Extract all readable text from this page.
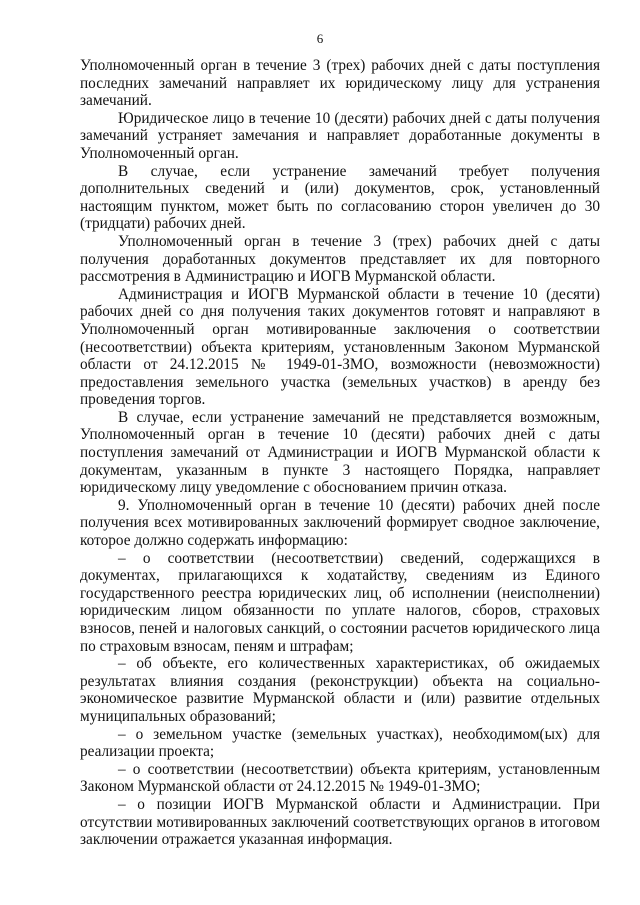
6

Уполномоченный орган в течение 3 (трех) рабочих дней с даты поступления последних замечаний направляет их юридическому лицу для устранения замечаний.

Юридическое лицо в течение 10 (десяти) рабочих дней с даты получения замечаний устраняет замечания и направляет доработанные документы в Уполномоченный орган.

В случае, если устранение замечаний требует получения дополнительных сведений и (или) документов, срок, установленный настоящим пунктом, может быть по согласованию сторон увеличен до 30 (тридцати) рабочих дней.

Уполномоченный орган в течение 3 (трех) рабочих дней с даты получения доработанных документов представляет их для повторного рассмотрения в Администрацию и ИОГВ Мурманской области.

Администрация и ИОГВ Мурманской области в течение 10 (десяти) рабочих дней со дня получения таких документов готовят и направляют в Уполномоченный орган мотивированные заключения о соответствии (несоответствии) объекта критериям, установленным Законом Мурманской области от 24.12.2015 № 1949-01-ЗМО, возможности (невозможности) предоставления земельного участка (земельных участков) в аренду без проведения торгов.

В случае, если устранение замечаний не представляется возможным, Уполномоченный орган в течение 10 (десяти) рабочих дней с даты поступления замечаний от Администрации и ИОГВ Мурманской области к документам, указанным в пункте 3 настоящего Порядка, направляет юридическому лицу уведомление с обоснованием причин отказа.

9. Уполномоченный орган в течение 10 (десяти) рабочих дней после получения всех мотивированных заключений формирует сводное заключение, которое должно содержать информацию:

– о соответствии (несоответствии) сведений, содержащихся в документах, прилагающихся к ходатайству, сведениям из Единого государственного реестра юридических лиц, об исполнении (неисполнении) юридическим лицом обязанности по уплате налогов, сборов, страховых взносов, пеней и налоговых санкций, о состоянии расчетов юридического лица по страховым взносам, пеням и штрафам;

– об объекте, его количественных характеристиках, об ожидаемых результатах влияния создания (реконструкции) объекта на социально-экономическое развитие Мурманской области и (или) развитие отдельных муниципальных образований;

– о земельном участке (земельных участках), необходимом(ых) для реализации проекта;

– о соответствии (несоответствии) объекта критериям, установленным Законом Мурманской области от 24.12.2015 № 1949-01-ЗМО;

– о позиции ИОГВ Мурманской области и Администрации. При отсутствии мотивированных заключений соответствующих органов в итоговом заключении отражается указанная информация.
